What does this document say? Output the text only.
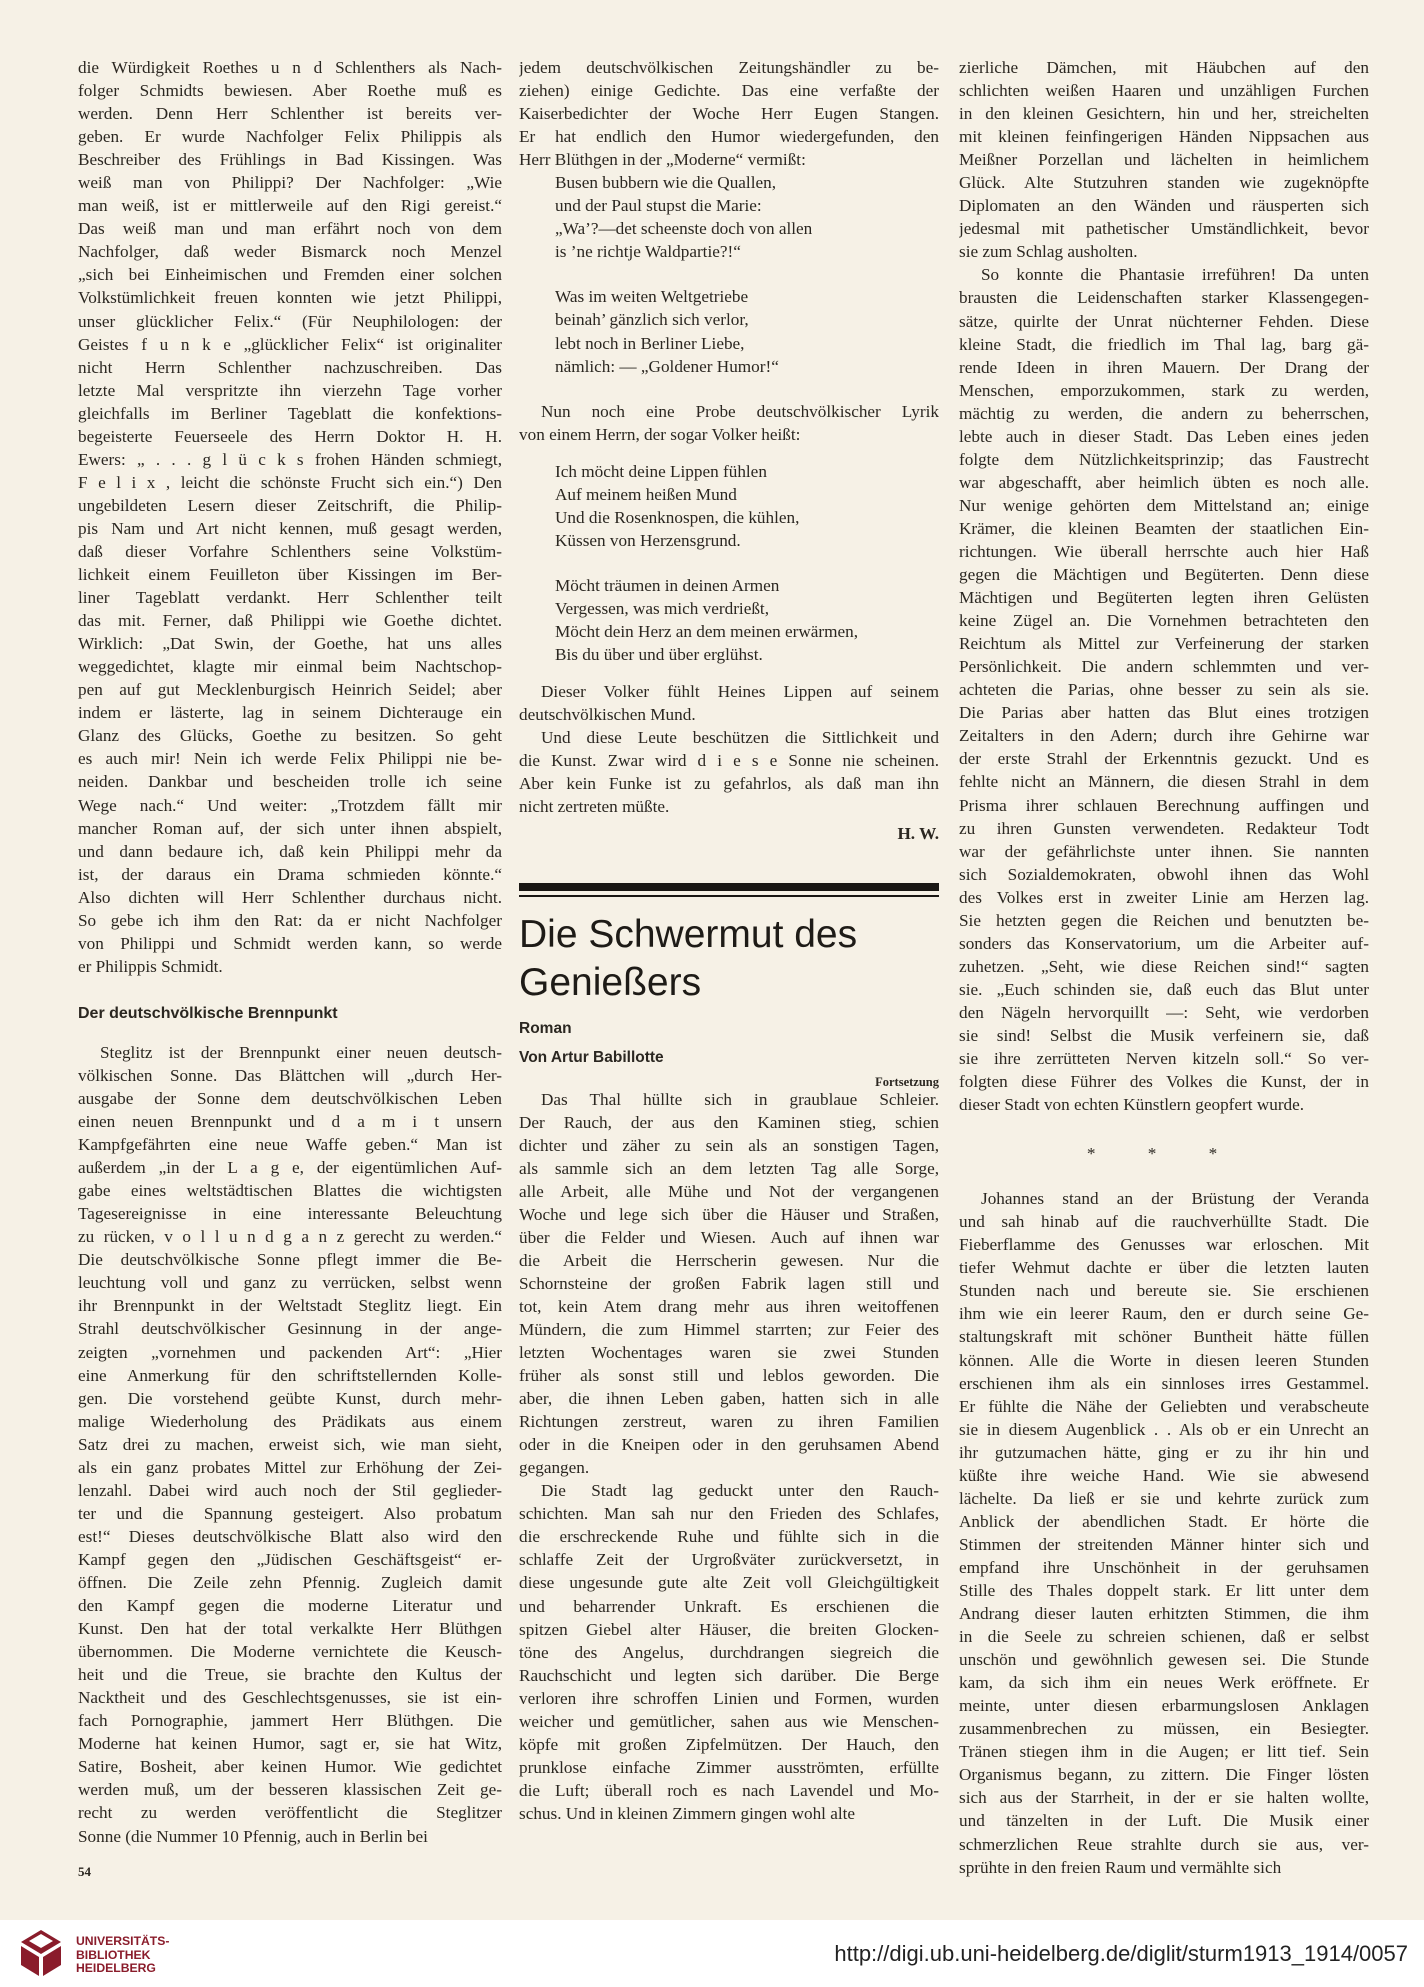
die Würdigkeit Roethes u n d Schlenthers als Nach-
folger Schmidts bewiesen. Aber Roethe muß es
werden. Denn Herr Schlenther ist bereits ver-
geben. Er wurde Nachfolger Felix Philippis als
Beschreiber des Frühlings in Bad Kissingen. Was
weiß man von Philippi? Der Nachfolger: „Wie
man weiß, ist er mittlerweile auf den Rigi gereist.“
Das weiß man und man erfährt noch von dem
Nachfolger, daß weder Bismarck noch Menzel
„sich bei Einheimischen und Fremden einer solchen
Volkstümlichkeit freuen konnten wie jetzt Philippi,
unser glücklicher Felix.“ (Für Neuphilologen: der
Geistes f u n k e „glücklicher Felix“ ist originaliter
nicht Herrn Schlenther nachzuschreiben. Das
letzte Mal verspritzte ihn vierzehn Tage vorher
gleichfalls im Berliner Tageblatt die konfektions-
begeisterte Feuerseele des Herrn Doktor H. H.
Ewers: „ . . . g l ü c k s frohen Händen schmiegt,
F e l i x , leicht die schönste Frucht sich ein.“) Den
ungebildeten Lesern dieser Zeitschrift, die Philip-
pis Nam und Art nicht kennen, muß gesagt werden,
daß dieser Vorfahre Schlenthers seine Volkstüm-
lichkeit einem Feuilleton über Kissingen im Ber-
liner Tageblatt verdankt. Herr Schlenther teilt
das mit. Ferner, daß Philippi wie Goethe dichtet.
Wirklich: „Dat Swin, der Goethe, hat uns alles
weggedichtet, klagte mir einmal beim Nachtschop-
pen auf gut Mecklenburgisch Heinrich Seidel; aber
indem er lästerte, lag in seinem Dichterauge ein
Glanz des Glücks, Goethe zu besitzen. So geht
es auch mir! Nein ich werde Felix Philippi nie be-
neiden. Dankbar und bescheiden trolle ich seine
Wege nach.“ Und weiter: „Trotzdem fällt mir
mancher Roman auf, der sich unter ihnen abspielt,
und dann bedaure ich, daß kein Philippi mehr da
ist, der daraus ein Drama schmieden könnte.“
Also dichten will Herr Schlenther durchaus nicht.
So gebe ich ihm den Rat: da er nicht Nachfolger
von Philippi und Schmidt werden kann, so werde
er Philippis Schmidt.
Der deutschvölkische Brennpunkt
Steglitz ist der Brennpunkt einer neuen deutsch-
völkischen Sonne. Das Blättchen will „durch Her-
ausgabe der Sonne dem deutschvölkischen Leben
einen neuen Brennpunkt und d a m i t unsern
Kampfgefährten eine neue Waffe geben.“ Man ist
außerdem „in der L a g e, der eigentümlichen Auf-
gabe eines weltstädtischen Blattes die wichtigsten
Tagesereignisse in eine interessante Beleuchtung
zu rücken, v o l l u n d g a n z gerecht zu werden.“
Die deutschvölkische Sonne pflegt immer die Be-
leuchtung voll und ganz zu verrücken, selbst wenn
ihr Brennpunkt in der Weltstadt Steglitz liegt. Ein
Strahl deutschvölkischer Gesinnung in der ange-
zeigten „vornehmen und packenden Art“: „Hier
eine Anmerkung für den schriftstellernden Kolle-
gen. Die vorstehend geübte Kunst, durch mehr-
malige Wiederholung des Prädikats aus einem
Satz drei zu machen, erweist sich, wie man sieht,
als ein ganz probates Mittel zur Erhöhung der Zei-
lenzahl. Dabei wird auch noch der Stil geglieder-
ter und die Spannung gesteigert. Also probatum
est!“ Dieses deutschvölkische Blatt also wird den
Kampf gegen den „Jüdischen Geschäftsgeist“ er-
öffnen. Die Zeile zehn Pfennig. Zugleich damit
den Kampf gegen die moderne Literatur und
Kunst. Den hat der total verkalkte Herr Blüthgen
übernommen. Die Moderne vernichtete die Keusch-
heit und die Treue, sie brachte den Kultus der
Nacktheit und des Geschlechtsgenusses, sie ist ein-
fach Pornographie, jammert Herr Blüthgen. Die
Moderne hat keinen Humor, sagt er, sie hat Witz,
Satire, Bosheit, aber keinen Humor. Wie gedichtet
werden muß, um der besseren klassischen Zeit ge-
recht zu werden veröffentlicht die Steglitzer
Sonne (die Nummer 10 Pfennig, auch in Berlin bei
jedem deutschvölkischen Zeitungshändler zu be-
ziehen) einige Gedichte. Das eine verfaßte der
Kaiserbedichter der Woche Herr Eugen Stangen.
Er hat endlich den Humor wiedergefunden, den
Herr Blüthgen in der „Moderne“ vermißt:
Busen bubbern wie die Quallen,
und der Paul stupst die Marie:
„Wa’?—det scheenste doch von allen
is ’ne richtje Waldpartie?!“
Was im weiten Weltgetriebe
beinah’ gänzlich sich verlor,
lebt noch in Berliner Liebe,
nämlich: — „Goldener Humor!“
Nun noch eine Probe deutschvölkischer Lyrik
von einem Herrn, der sogar Volker heißt:
Ich möcht deine Lippen fühlen
Auf meinem heißen Mund
Und die Rosenknospen, die kühlen,
Küssen von Herzensgrund.
Möcht träumen in deinen Armen
Vergessen, was mich verdrießt,
Möcht dein Herz an dem meinen erwärmen,
Bis du über und über erglühst.
Dieser Volker fühlt Heines Lippen auf seinem
deutschvölkischen Mund.
Und diese Leute beschützen die Sittlichkeit und
die Kunst. Zwar wird d i e s e Sonne nie scheinen.
Aber kein Funke ist zu gefahrlos, als daß man ihn
nicht zertreten müßte.
H. W.
Die Schwermut des
Genießers
Roman
Von Artur Babillotte
Fortsetzung
Das Thal hüllte sich in graublaue Schleier.
Der Rauch, der aus den Kaminen stieg, schien
dichter und zäher zu sein als an sonstigen Tagen,
als sammle sich an dem letzten Tag alle Sorge,
alle Arbeit, alle Mühe und Not der vergangenen
Woche und lege sich über die Häuser und Straßen,
über die Felder und Wiesen. Auch auf ihnen war
die Arbeit die Herrscherin gewesen. Nur die
Schornsteine der großen Fabrik lagen still und
tot, kein Atem drang mehr aus ihren weitoffenen
Mündern, die zum Himmel starrten; zur Feier des
letzten Wochentages waren sie zwei Stunden
früher als sonst still und leblos geworden. Die
aber, die ihnen Leben gaben, hatten sich in alle
Richtungen zerstreut, waren zu ihren Familien
oder in die Kneipen oder in den geruhsamen Abend
gegangen.
Die Stadt lag geduckt unter den Rauch-
schichten. Man sah nur den Frieden des Schlafes,
die erschreckende Ruhe und fühlte sich in die
schlaffe Zeit der Urgroßväter zurückversetzt, in
diese ungesunde gute alte Zeit voll Gleichgültigkeit
und beharrender Unkraft. Es erschienen die
spitzen Giebel alter Häuser, die breiten Glocken-
töne des Angelus, durchdrangen siegreich die
Rauchschicht und legten sich darüber. Die Berge
verloren ihre schroffen Linien und Formen, wurden
weicher und gemütlicher, sahen aus wie Menschen-
köpfe mit großen Zipfelmützen. Der Hauch, den
prunklose einfache Zimmer ausströmten, erfüllte
die Luft; überall roch es nach Lavendel und Mo-
schus. Und in kleinen Zimmern gingen wohl alte
zierliche Dämchen, mit Häubchen auf den
schlichten weißen Haaren und unzähligen Furchen
in den kleinen Gesichtern, hin und her, streichelten
mit kleinen feinfingerigen Händen Nippsachen aus
Meißner Porzellan und lächelten in heimlichem
Glück. Alte Stutzuhren standen wie zugeknöpfte
Diplomaten an den Wänden und räusperten sich
jedesmal mit pathetischer Umständlichkeit, bevor
sie zum Schlag ausholten.
So konnte die Phantasie irreführen! Da unten
brausten die Leidenschaften starker Klassengegen-
sätze, quirlte der Unrat nüchterner Fehden. Diese
kleine Stadt, die friedlich im Thal lag, barg gä-
rende Ideen in ihren Mauern. Der Drang der
Menschen, emporzukommen, stark zu werden,
mächtig zu werden, die andern zu beherrschen,
lebte auch in dieser Stadt. Das Leben eines jeden
folgte dem Nützlichkeitsprinzip; das Faustrecht
war abgeschafft, aber heimlich übten es noch alle.
Nur wenige gehörten dem Mittelstand an; einige
Krämer, die kleinen Beamten der staatlichen Ein-
richtungen. Wie überall herrschte auch hier Haß
gegen die Mächtigen und Begüterten. Denn diese
Mächtigen und Begüterten legten ihren Gelüsten
keine Zügel an. Die Vornehmen betrachteten den
Reichtum als Mittel zur Verfeinerung der starken
Persönlichkeit. Die andern schlemmten und ver-
achteten die Parias, ohne besser zu sein als sie.
Die Parias aber hatten das Blut eines trotzigen
Zeitalters in den Adern; durch ihre Gehirne war
der erste Strahl der Erkenntnis gezuckt. Und es
fehlte nicht an Männern, die diesen Strahl in dem
Prisma ihrer schlauen Berechnung auffingen und
zu ihren Gunsten verwendeten. Redakteur Todt
war der gefährlichste unter ihnen. Sie nannten
sich Sozialdemokraten, obwohl ihnen das Wohl
des Volkes erst in zweiter Linie am Herzen lag.
Sie hetzten gegen die Reichen und benutzten be-
sonders das Konservatorium, um die Arbeiter auf-
zuhetzen. „Seht, wie diese Reichen sind!“ sagten
sie. „Euch schinden sie, daß euch das Blut unter
den Nägeln hervorquillt —: Seht, wie verdorben
sie sind! Selbst die Musik verfeinern sie, daß
sie ihre zerrütteten Nerven kitzeln soll.“ So ver-
folgten diese Führer des Volkes die Kunst, der in
dieser Stadt von echten Künstlern geopfert wurde.
* * *
Johannes stand an der Brüstung der Veranda
und sah hinab auf die rauchverhüllte Stadt. Die
Fieberflamme des Genusses war erloschen. Mit
tiefer Wehmut dachte er über die letzten lauten
Stunden nach und bereute sie. Sie erschienen
ihm wie ein leerer Raum, den er durch seine Ge-
staltungskraft mit schöner Buntheit hätte füllen
können. Alle die Worte in diesen leeren Stunden
erschienen ihm als ein sinnloses irres Gestammel.
Er fühlte die Nähe der Geliebten und verabscheute
sie in diesem Augenblick . . Als ob er ein Unrecht an
ihr gutzumachen hätte, ging er zu ihr hin und
küßte ihre weiche Hand. Wie sie abwesend
lächelte. Da ließ er sie und kehrte zurück zum
Anblick der abendlichen Stadt. Er hörte die
Stimmen der streitenden Männer hinter sich und
empfand ihre Unschönheit in der geruhsamen
Stille des Thales doppelt stark. Er litt unter dem
Andrang dieser lauten erhitzten Stimmen, die ihm
in die Seele zu schreien schienen, daß er selbst
unschön und gewöhnlich gewesen sei. Die Stunde
kam, da sich ihm ein neues Werk eröffnete. Er
meinte, unter diesen erbarmungslosen Anklagen
zusammenbrechen zu müssen, ein Besiegter.
Tränen stiegen ihm in die Augen; er litt tief. Sein
Organismus begann, zu zittern. Die Finger lösten
sich aus der Starrheit, in der er sie halten wollte,
und tänzelten in der Luft. Die Musik einer
schmerzlichen Reue strahlte durch sie aus, ver-
sprühte in den freien Raum und vermählte sich
54
UNIVERSITÄTS-
BIBLIOTHEK
HEIDELBERG
http://digi.ub.uni-heidelberg.de/diglit/sturm1913_1914/0057
